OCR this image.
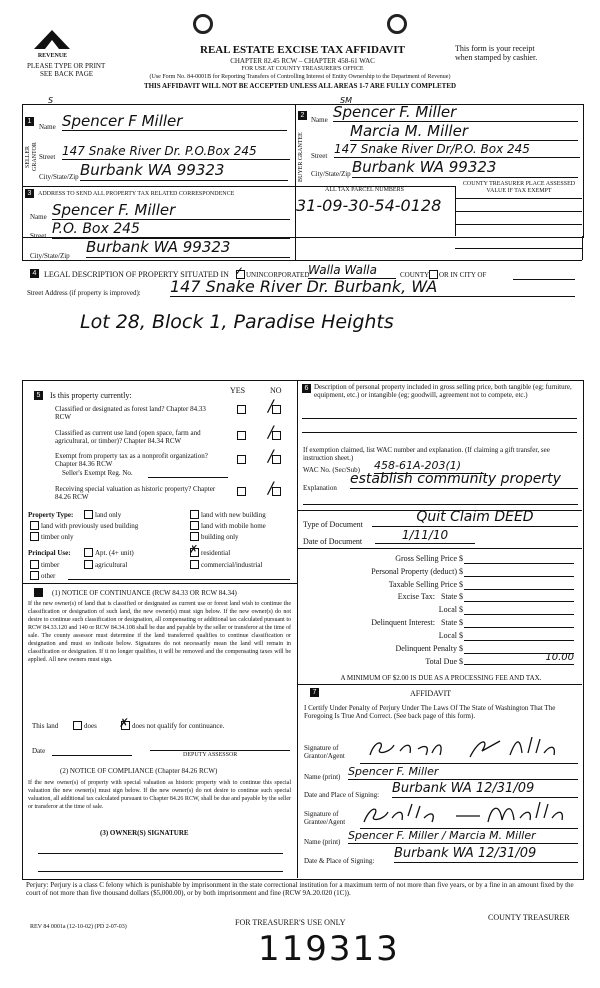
REVENUE
PLEASE TYPE OR PRINT
SEE BACK PAGE
REAL ESTATE EXCISE TAX AFFIDAVIT
CHAPTER 82.45 RCW – CHAPTER 458-61 WAC
FOR USE AT COUNTY TREASURER'S OFFICE
(Use Form No. 84-0001B for Reporting Transfers of Controlling Interest of Entity Ownership to the Department of Revenue)
THIS AFFIDAVIT WILL NOT BE ACCEPTED UNLESS ALL AREAS 1-7 ARE FULLY COMPLETED
This form is your receipt
when stamped by cashier.
S
1
SELLER GRANTOR
Name Spencer F Miller
Street 147 Snake River Dr. P.O.Box 245
City/State/Zip Burbank WA 99323
SM
2
BUYER GRANTEE
Name Spencer F. Miller
Marcia M. Miller
Street 147 Snake River Dr/P.O. Box 245
City/State/Zip Burbank WA 99323
3	ADDRESS TO SEND ALL PROPERTY TAX RELATED CORRESPONDENCE
Name Spencer F. Miller
Street P.O. Box 245
City/State/Zip Burbank WA 99323
ALL TAX PARCEL NUMBERS
31-09-30-54-0128
COUNTY TREASURER PLACE ASSESSED VALUE IF TAX EXEMPT
4 LEGAL DESCRIPTION OF PROPERTY SITUATED IN ✓ UNINCORPORATED
Walla Walla	COUNTY OR IN CITY OF
Street Address (if property is improved): 147 Snake River Dr. Burbank, WA
Lot 28, Block 1, Paradise Heights
5	Is this property currently:
YES	NO
Classified or designated as forest land? Chapter 84.33 RCW
/
Classified as current use land (open space, farm and agricultural, or timber)? Chapter 84.34 RCW	/
Exempt from property tax as a nonprofit organization? Chapter 84.36 RCW	/
Seller's Exempt Reg. No.
Receiving special valuation as historic property? Chapter 84.26 RCW	/
Property Type:	land only	land with new building
land with previously used building	land with mobile home
timber only	building only
Principal Use:	Apt. (4+ unit)	✗ residential
timber	agricultural	commercial/industrial
other
(1) NOTICE OF CONTINUANCE (RCW 84.33 OR RCW 84.34)
If the new owner(s) of land that is classified or designated as current use or forest land wish to continue the classification or designation of such land, the new owner(s) must sign below. If the new owner(s) do not desire to continue such classification or designation, all compensating or additional tax calculated pursuant to RCW 84.33.120 and 140 or RCW 84.34.108 shall be due and payable by the seller or transferor at the time of sale. The county assessor must determine if the land transferred qualifies to continue classification or designation and must so indicate below. Signatures do not necessarily mean the land will remain in classification or designation. If it no longer qualifies, it will be removed and the compensating taxes will be applied. All new owners must sign.
This land	does ✗ does not qualify for continuance.
Date	DEPUTY ASSESSOR
(2) NOTICE OF COMPLIANCE (Chapter 84.26 RCW)
If the new owner(s) of property with special valuation as historic property wish to continue this special valuation the new owner(s) must sign below. If the new owner(s) do not desire to continue such special valuation, all additional tax calculated pursuant to Chapter 84.26 RCW, shall be due and payable by the seller or transferor at the time of sale.
(3) OWNER(S) SIGNATURE
6 Description of personal property included in gross selling price, both tangible (eg; furniture, equipment, etc.) or intangible (eg; goodwill, agreement not to compete, etc.)
If exemption claimed, list WAC number and explanation. (If claiming a gift transfer, see instruction sheet.)
WAC No. (Sec/Sub) 458-61A-203(1)
Explanation
establish community property
Type of Document	Quit Claim DEED
Date of Document	1/11/10
Gross Selling Price $
Personal Property (deduct) $
Taxable Selling Price $
Excise Tax:   State $
Local $
Delinquent Interest:   State $
Local $
Delinquent Penalty $
Total Due $	10.00
A MINIMUM OF $2.00 IS DUE AS A PROCESSING FEE AND TAX.
7	AFFIDAVIT
I Certify Under Penalty of Perjury Under The Laws Of The State of Washington That The Foregoing Is True And Correct. (See back page of this form).
Signature of Grantor/Agent
Name (print) Spencer F. Miller
Date and Place of Signing: Burbank WA 12/31/09
Signature of Grantee/Agent
Name (print) Spencer F. Miller / Marcia M. Miller
Date & Place of Signing: Burbank WA 12/31/09
Perjury: Perjury is a class C felony which is punishable by imprisonment in the state correctional institution for a maximum term of not more than five years, or by a fine in an amount fixed by the court of not more than five thousand dollars ($5,000.00), or by both imprisonment and fine (RCW 9A.20.020 (1C)).
REV 84 0001a (12-10-02) (PD 2-07-03)	FOR TREASURER'S USE ONLY
COUNTY TREASURER
119313
